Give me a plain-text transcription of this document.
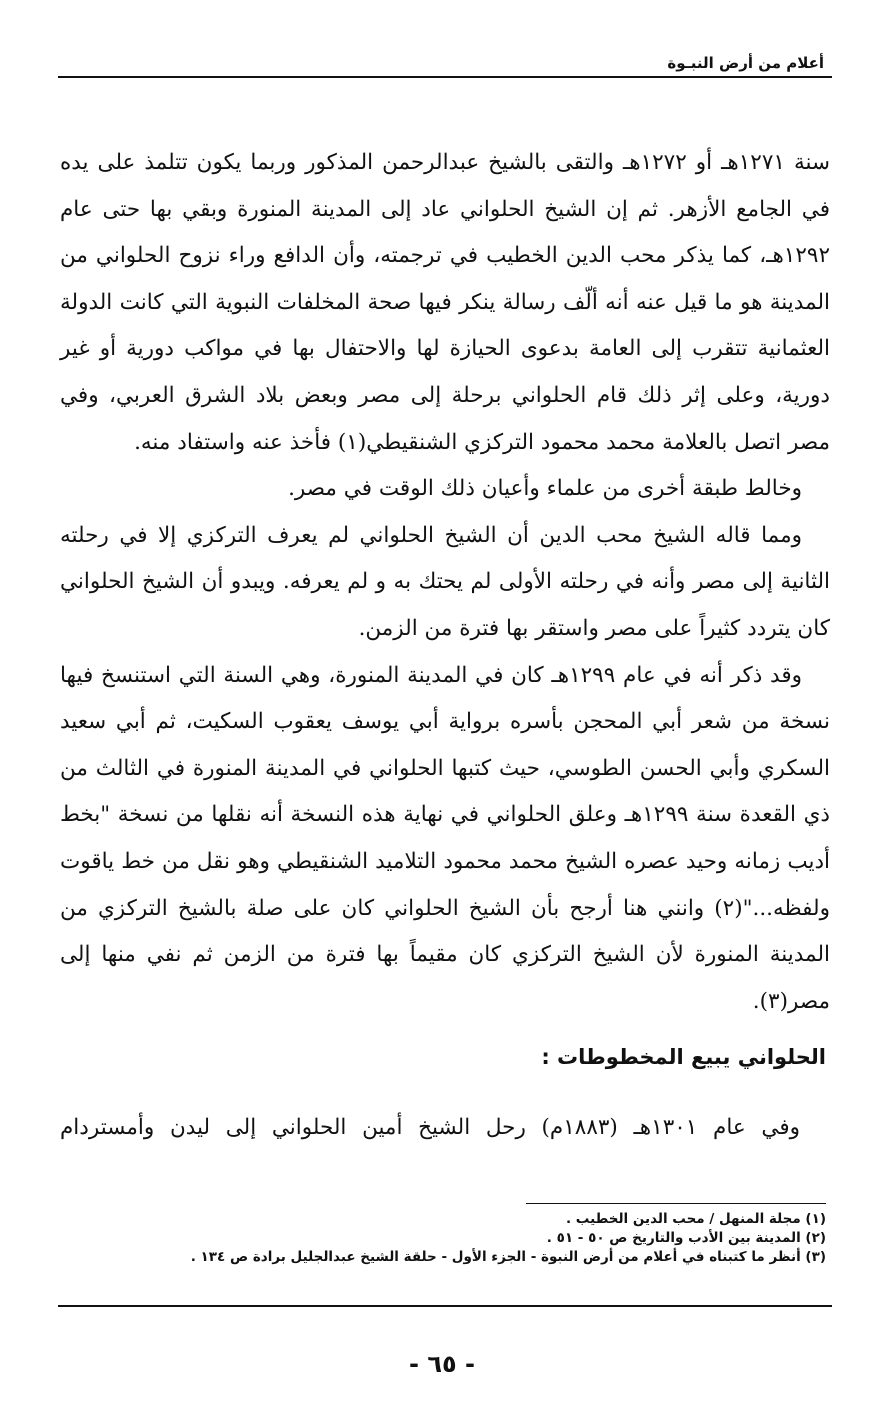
أعلام من أرض النبـوة

سنة ١٢٧١هـ أو ١٢٧٢هـ والتقى بالشيخ عبدالرحمن المذكور وربما يكون تتلمذ على يده في الجامع الأزهر. ثم إن الشيخ الحلواني عاد إلى المدينة المنورة وبقي بها حتى عام ١٢٩٢هـ، كما يذكر محب الدين الخطيب في ترجمته، وأن الدافع وراء نزوح الحلواني من المدينة هو ما قيل عنه أنه ألّف رسالة ينكر فيها صحة المخلفات النبوية التي كانت الدولة العثمانية تتقرب إلى العامة بدعوى الحيازة لها والاحتفال بها في مواكب دورية أو غير دورية، وعلى إثر ذلك قام الحلواني برحلة إلى مصر وبعض بلاد الشرق العربي، وفي مصر اتصل بالعلامة محمد محمود التركزي الشنقيطي(١) فأخذ عنه واستفاد منه.

وخالط طبقة أخرى من علماء وأعيان ذلك الوقت في مصر.

ومما قاله الشيخ محب الدين أن الشيخ الحلواني لم يعرف التركزي إلا في رحلته الثانية إلى مصر وأنه في رحلته الأولى لم يحتك به و لم يعرفه. ويبدو أن الشيخ الحلواني كان يتردد كثيراً على مصر واستقر بها فترة من الزمن.

وقد ذكر أنه في عام ١٢٩٩هـ كان في المدينة المنورة، وهي السنة التي استنسخ فيها نسخة من شعر أبي المحجن بأسره برواية أبي يوسف يعقوب السكيت، ثم أبي سعيد السكري وأبي الحسن الطوسي، حيث كتبها الحلواني في المدينة المنورة في الثالث من ذي القعدة سنة ١٢٩٩هـ وعلق الحلواني في نهاية هذه النسخة أنه نقلها من نسخة "بخط أديب زمانه وحيد عصره الشيخ محمد محمود التلاميد الشنقيطي وهو نقل من خط ياقوت ولفظه..."(٢) وانني هنا أرجح بأن الشيخ الحلواني كان على صلة بالشيخ التركزي من المدينة المنورة لأن الشيخ التركزي كان مقيماً بها فترة من الزمن ثم نفي منها إلى مصر(٣).

الحلواني يبيع المخطوطات :
وفي عام ١٣٠١هـ (١٨٨٣م) رحل الشيخ أمين الحلواني إلى ليدن وأمستردام
(١) مجلة المنهل / محب الدين الخطيب .
(٢) المدينة بين الأدب والتاريخ ص ٥٠ - ٥١ .
(٣) أنظر ما كتبناه في أعلام من أرض النبوة - الجزء الأول - حلقة الشيخ عبدالجليل برادة ص ١٣٤ .
- ٦٥ -
